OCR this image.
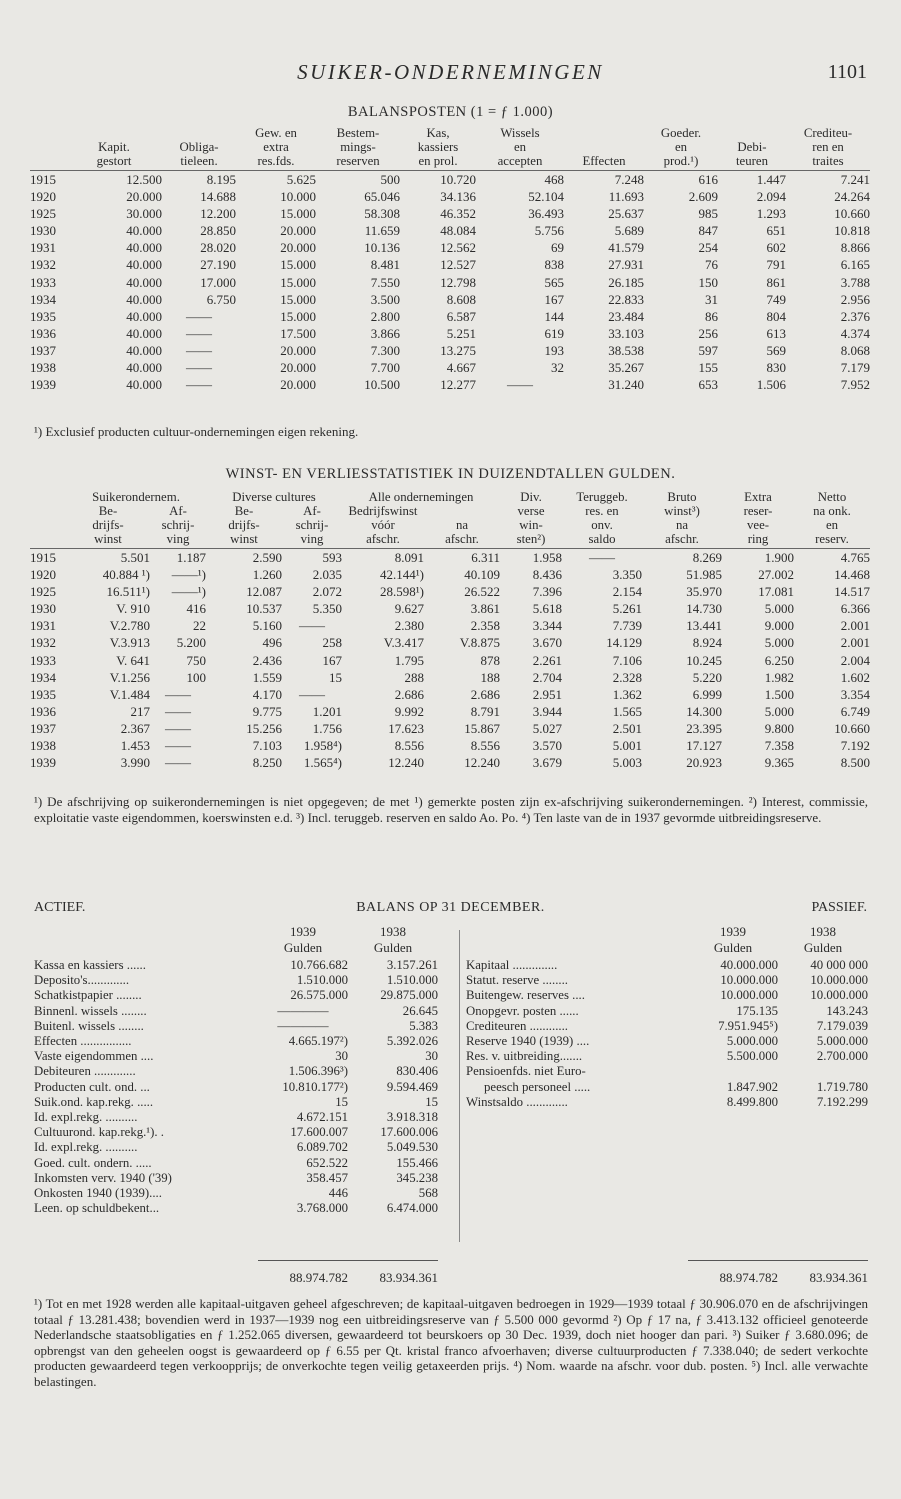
SUIKER-ONDERNEMINGEN	1101
BALANSPOSTEN (1 = ƒ 1.000)
			Gew. en	Bestem-	Kas,	Wissels		Goeder.		Crediteu-
	Kapit.	Obliga-	extra	mings-	kassiers	en		en	Debi-	ren en
	gestort	tieleen.	res.fds.	reserven	en prol.	accepten	Effecten	prod.¹)	teuren	traites
1915	12.500	8.195	5.625	500	10.720	468	7.248	616	1.447	7.241
1920	20.000	14.688	10.000	65.046	34.136	52.104	11.693	2.609	2.094	24.264
1925	30.000	12.200	15.000	58.308	46.352	36.493	25.637	985	1.293	10.660
1930	40.000	28.850	20.000	11.659	48.084	5.756	5.689	847	651	10.818
1931	40.000	28.020	20.000	10.136	12.562	69	41.579	254	602	8.866
1932	40.000	27.190	15.000	8.481	12.527	838	27.931	76	791	6.165
1933	40.000	17.000	15.000	7.550	12.798	565	26.185	150	861	3.788
1934	40.000	6.750	15.000	3.500	8.608	167	22.833	31	749	2.956
1935	40.000	——	15.000	2.800	6.587	144	23.484	86	804	2.376
1936	40.000	——	17.500	3.866	5.251	619	33.103	256	613	4.374
1937	40.000	——	20.000	7.300	13.275	193	38.538	597	569	8.068
1938	40.000	——	20.000	7.700	4.667	32	35.267	155	830	7.179
1939	40.000	——	20.000	10.500	12.277	——	31.240	653	1.506	7.952
¹) Exclusief producten cultuur-ondernemingen eigen rekening.
WINST- EN VERLIESSTATISTIEK IN DUIZENDTALLEN GULDEN.
	Suikerondernem.		Diverse cultures		Alle ondernemingen		Div.	Teruggeb.	Bruto	Extra	Netto
	Be-	Af-	Be-	Af-	Bedrijfswinst		verse	res. en	winst³)	reser-	na onk.
	drijfs-	schrij-	drijfs-	schrij-	vóór	na	win-	onv.	na	vee-	en
	winst	ving	winst	ving	afschr.	afschr.	sten²)	saldo	afschr.	ring	reserv.
1915	5.501	1.187	2.590	593	8.091	6.311	1.958	——	8.269	1.900	4.765
1920	40.884 ¹)	——¹)	1.260	2.035	42.144¹)	40.109	8.436	3.350	51.985	27.002	14.468
1925	16.511¹)	——¹)	12.087	2.072	28.598¹)	26.522	7.396	2.154	35.970	17.081	14.517
1930	V. 910	416	10.537	5.350	9.627	3.861	5.618	5.261	14.730	5.000	6.366
1931	V.2.780	22	5.160	——	2.380	2.358	3.344	7.739	13.441	9.000	2.001
1932	V.3.913	5.200	496	258	V.3.417	V.8.875	3.670	14.129	8.924	5.000	2.001
1933	V. 641	750	2.436	167	1.795	878	2.261	7.106	10.245	6.250	2.004
1934	V.1.256	100	1.559	15	288	188	2.704	2.328	5.220	1.982	1.602
1935	V.1.484	——	4.170	——	2.686	2.686	2.951	1.362	6.999	1.500	3.354
1936	217	——	9.775	1.201	9.992	8.791	3.944	1.565	14.300	5.000	6.749
1937	2.367	——	15.256	1.756	17.623	15.867	5.027	2.501	23.395	9.800	10.660
1938	1.453	——	7.103	1.958⁴)	8.556	8.556	3.570	5.001	17.127	7.358	7.192
1939	3.990	——	8.250	1.565⁴)	12.240	12.240	3.679	5.003	20.923	9.365	8.500
¹) De afschrijving op suikerondernemingen is niet opgegeven; de met ¹) gemerkte posten zijn ex-afschrijving suikerondernemingen. ²) Interest, commissie, exploitatie vaste eigendommen, koerswinsten e.d. ³) Incl. teruggeb. reserven en saldo Ao. Po. ⁴) Ten laste van de in 1937 gevormde uitbreidingsreserve.
ACTIEF.	BALANS OP 31 DECEMBER.	PASSIEF.
1939
Gulden
1938
Gulden
1939
Gulden
1938
Gulden
Kassa en kassiers ......	10.766.682	3.157.261
Deposito's.............	1.510.000	1.510.000
Schatkistpapier ........	26.575.000	29.875.000
Binnenl. wissels ........	————	26.645
Buitenl. wissels ........	————	5.383
Effecten ................	4.665.197²)	5.392.026
Vaste eigendommen ....	30	30
Debiteuren .............	1.506.396³)	830.406
Producten cult. ond. ...	10.810.177²)	9.594.469
Suik.ond. kap.rekg. .....	15	15
Id. expl.rekg. ..........	4.672.151	3.918.318
Cultuurond. kap.rekg.¹). .	17.600.007	17.600.006
Id. expl.rekg. ..........	6.089.702	5.049.530
Goed. cult. ondern. .....	652.522	155.466
Inkomsten verv. 1940 ('39)	358.457	345.238
Onkosten 1940 (1939)....	446	568
Leen. op schuldbekent...	3.768.000	6.474.000
Kapitaal ..............	40.000.000	40 000 000
Statut. reserve ........	10.000.000	10.000.000
Buitengew. reserves ....	10.000.000	10.000.000
Onopgevr. posten ......	175.135	143.243
Crediteuren ............	7.951.945⁵)	7.179.039
Reserve 1940 (1939) ....	5.000.000	5.000.000
Res. v. uitbreiding.......	5.500.000	2.700.000
Pensioenfds. niet Euro-		
peesch personeel .....	1.847.902	1.719.780
Winstsaldo .............	8.499.800	7.192.299
88.974.782	83.934.361	88.974.782	83.934.361
¹) Tot en met 1928 werden alle kapitaal-uitgaven geheel afgeschreven; de kapitaal-uitgaven bedroegen in 1929—1939 totaal ƒ 30.906.070 en de afschrijvingen totaal ƒ 13.281.438; bovendien werd in 1937—1939 nog een uitbreidingsreserve van ƒ 5.500 000 gevormd ²) Op ƒ 17 na, ƒ 3.413.132 officieel genoteerde Nederlandsche staatsobligaties en ƒ 1.252.065 diversen, gewaardeerd tot beurskoers op 30 Dec. 1939, doch niet hooger dan pari. ³) Suiker ƒ 3.680.096; de opbrengst van den geheelen oogst is gewaardeerd op ƒ 6.55 per Qt. kristal franco afvoerhaven; diverse cultuurproducten ƒ 7.338.040; de sedert verkochte producten gewaardeerd tegen verkoopprijs; de onverkochte tegen veilig getaxeerden prijs. ⁴) Nom. waarde na afschr. voor dub. posten. ⁵) Incl. alle verwachte belastingen.
